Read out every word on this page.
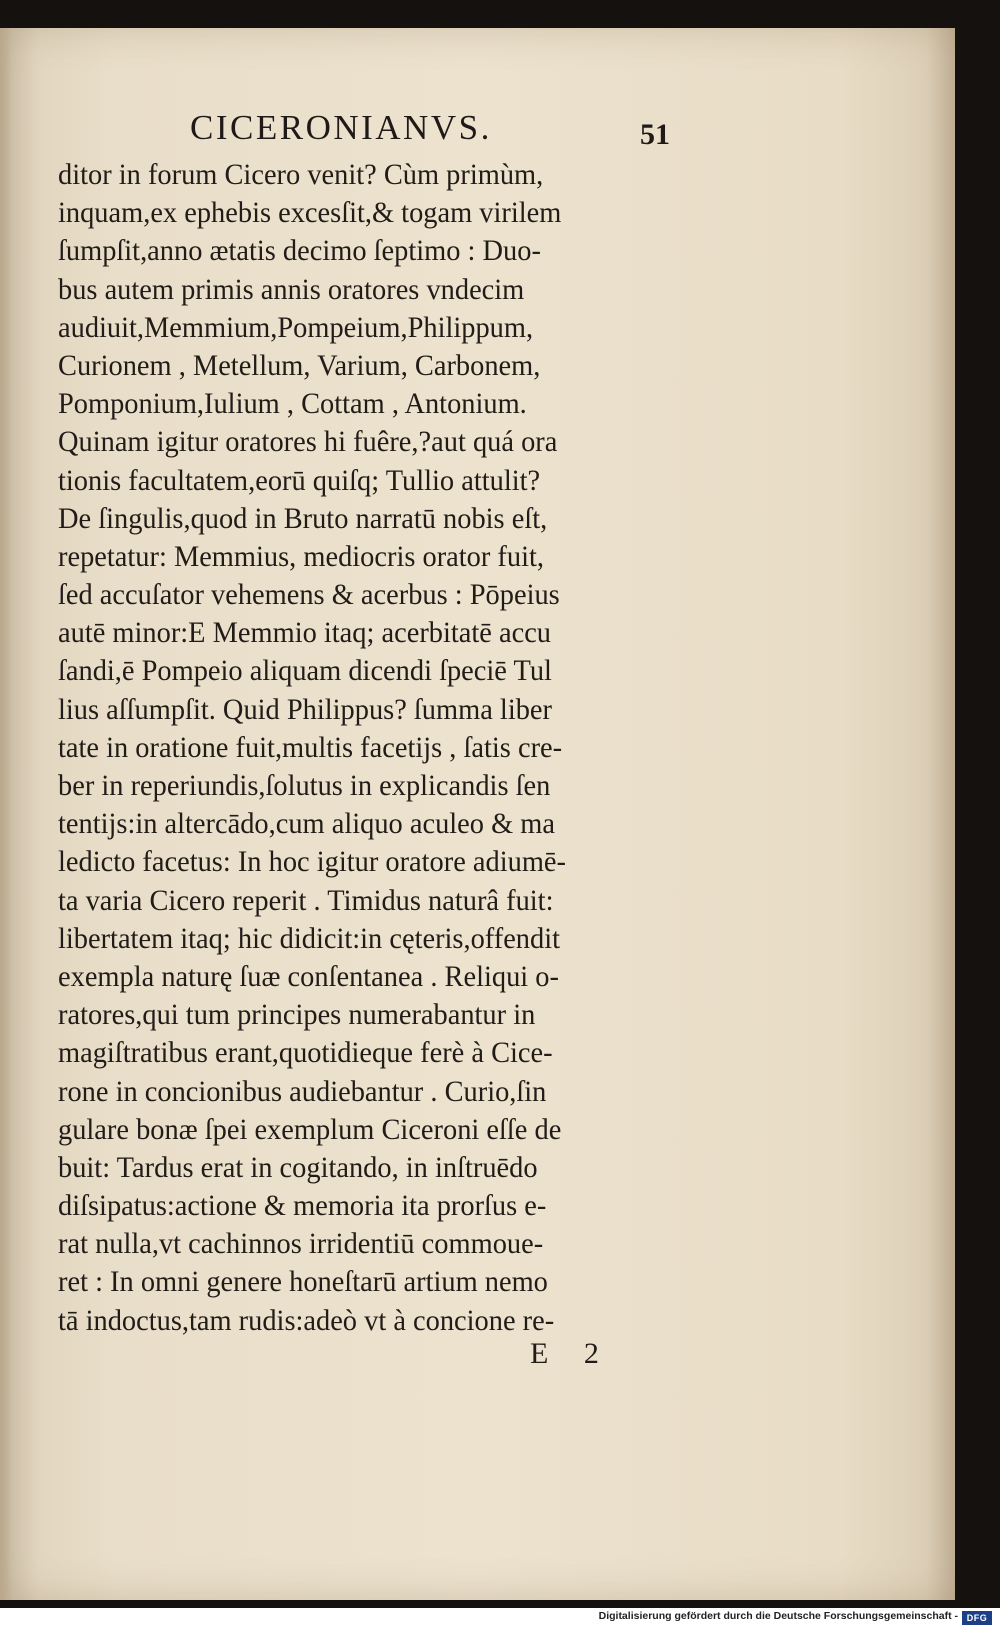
CICERONIANVS.	51
ditor in forum Cicero venit? Cùm primùm,
inquam,ex ephebis excesſit,& togam virilem
ſumpſit,anno ætatis decimo ſeptimo : Duo-
bus autem primis annis oratores vndecim
audiuit,Memmium,Pompeium,Philippum,
Curionem , Metellum, Varium, Carbonem,
Pomponium,Iulium , Cottam , Antonium.
Quinam igitur oratores hi fuêre,?aut quá ora
tionis facultatem,eorū quiſq; Tullio attulit?
De ſingulis,quod in Bruto narratū nobis eſt,
repetatur: Memmius, mediocris orator fuit,
ſed accuſator vehemens & acerbus : Pōpeius
autē minor:E Memmio itaq; acerbitatē accu
ſandi,ē Pompeio aliquam dicendi ſpeciē Tul
lius aſſumpſit. Quid Philippus? ſumma liber
tate in oratione fuit,multis facetijs , ſatis cre-
ber in reperiundis,ſolutus in explicandis ſen
tentijs:in altercādo,cum aliquo aculeo & ma
ledicto facetus: In hoc igitur oratore adiumē-
ta varia Cicero reperit . Timidus naturâ fuit:
libertatem itaq; hic didicit:in cęteris,offendit
exempla naturę ſuæ conſentanea . Reliqui o-
ratores,qui tum principes numerabantur in
magiſtratibus erant,quotidieque ferè à Cice-
rone in concionibus audiebantur . Curio,ſin
gulare bonæ ſpei exemplum Ciceroni eſſe de
buit: Tardus erat in cogitando, in inſtruēdo
diſsipatus:actione & memoria ita prorſus e-
rat nulla,vt cachinnos irridentiū commoue-
ret : In omni genere honeſtarū artium nemo
tā indoctus,tam rudis:adeò vt à concione re-
E 2
Digitalisierung gefördert durch die Deutsche Forschungsgemeinschaft - DFG
